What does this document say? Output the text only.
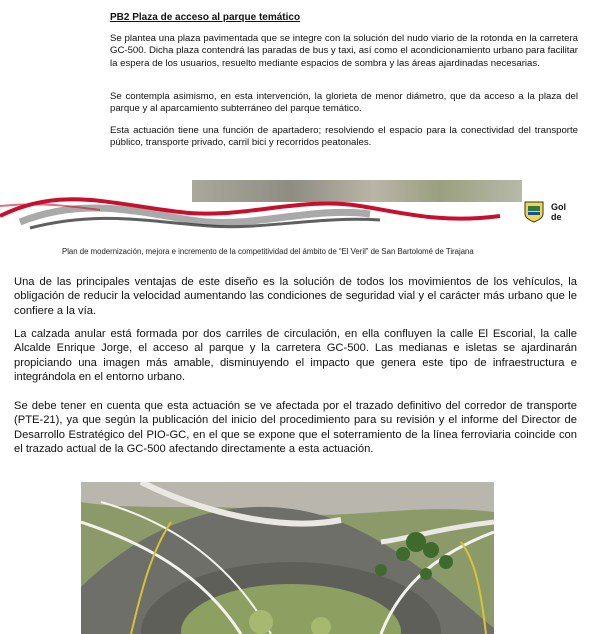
PB2 Plaza de acceso al parque temático
Se plantea una plaza pavimentada que se integre con la solución del nudo viario de la rotonda en la carretera GC-500. Dicha plaza contendrá las paradas de bus y taxi, así como el acondicionamiento urbano para facilitar la espera de los usuarios, resuelto mediante espacios de sombra y las áreas ajardinadas necesarias.
Se contempla asimismo, en esta intervención, la glorieta de menor diámetro, que da acceso a la plaza del parque y al aparcamiento subterráneo del parque temático.
Esta actuación tiene una función de apartadero; resolviendo el espacio para la conectividad del transporte público, transporte privado, carril bici y recorridos peatonales.
Gol
de
Plan de modernización, mejora e incremento de la competitividad del ámbito de “El Veril” de San Bartolomé de Tirajana
Una de las principales ventajas de este diseño es la solución de todos los movimientos de los vehículos, la obligación de reducir la velocidad aumentando las condiciones de seguridad vial y el carácter más urbano que le confiere a la vía.
La calzada anular está formada por dos carriles de circulación, en ella confluyen la calle El Escorial, la calle Alcalde Enrique Jorge, el acceso al parque y la carretera GC-500. Las medianas e isletas se ajardinarán propiciando una imagen más amable, disminuyendo el impacto que genera este tipo de infraestructura e integrándola en el entorno urbano.
Se debe tener en cuenta que esta actuación se ve afectada por el trazado definitivo del corredor de transporte (PTE-21), ya que según la publicación del inicio del procedimiento para su revisión y el informe del Director de Desarrollo Estratégico del PIO-GC, en el que se expone que el soterramiento de la línea ferroviaria coincide con el trazado actual de la GC-500 afectando directamente a esta actuación.
